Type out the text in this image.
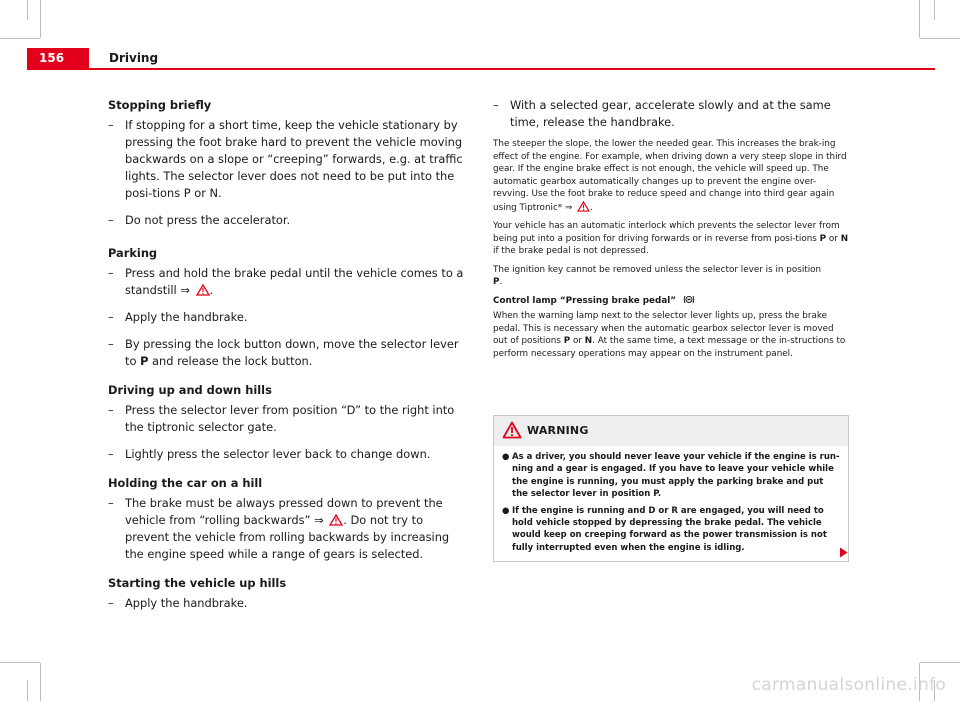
156	Driving
Stopping briefly
– If stopping for a short time, keep the vehicle stationary by pressing the foot brake hard to prevent the vehicle moving backwards on a slope or “creeping” forwards, e.g. at traffic lights. The selector lever does not need to be put into the posi-tions P or N.
– Do not press the accelerator.
Parking
– Press and hold the brake pedal until the vehicle comes to a standstill ⇒ .
– Apply the handbrake.
– By pressing the lock button down, move the selector lever to P and release the lock button.
Driving up and down hills
– Press the selector lever from position “D” to the right into the tiptronic selector gate.
– Lightly press the selector lever back to change down.
Holding the car on a hill
– The brake must be always pressed down to prevent the vehicle from “rolling backwards” ⇒ . Do not try to prevent the vehicle from rolling backwards by increasing the engine speed while a range of gears is selected.
Starting the vehicle up hills
– Apply the handbrake.
– With a selected gear, accelerate slowly and at the same time, release the handbrake.

The steeper the slope, the lower the needed gear. This increases the brak-ing effect of the engine. For example, when driving down a very steep slope in third gear. If the engine brake effect is not enough, the vehicle will speed up. The automatic gearbox automatically changes up to prevent the engine over-revving. Use the foot brake to reduce speed and change into third gear again using Tiptronic* ⇒ .

Your vehicle has an automatic interlock which prevents the selector lever from being put into a position for driving forwards or in reverse from posi-tions P or N if the brake pedal is not depressed.

The ignition key cannot be removed unless the selector lever is in position
P.

Control lamp “Pressing brake pedal”

When the warning lamp next to the selector lever lights up, press the brake pedal. This is necessary when the automatic gearbox selector lever is moved out of positions P or N. At the same time, a text message or the in-structions to perform necessary operations may appear on the instrument panel.

WARNING
● As a driver, you should never leave your vehicle if the engine is run-ning and a gear is engaged. If you have to leave your vehicle while the engine is running, you must apply the parking brake and put the selector lever in position P.
● If the engine is running and D or R are engaged, you will need to hold vehicle stopped by depressing the brake pedal. The vehicle would keep on creeping forward as the power transmission is not fully interrupted even when the engine is idling.
carmanualsonline.info
